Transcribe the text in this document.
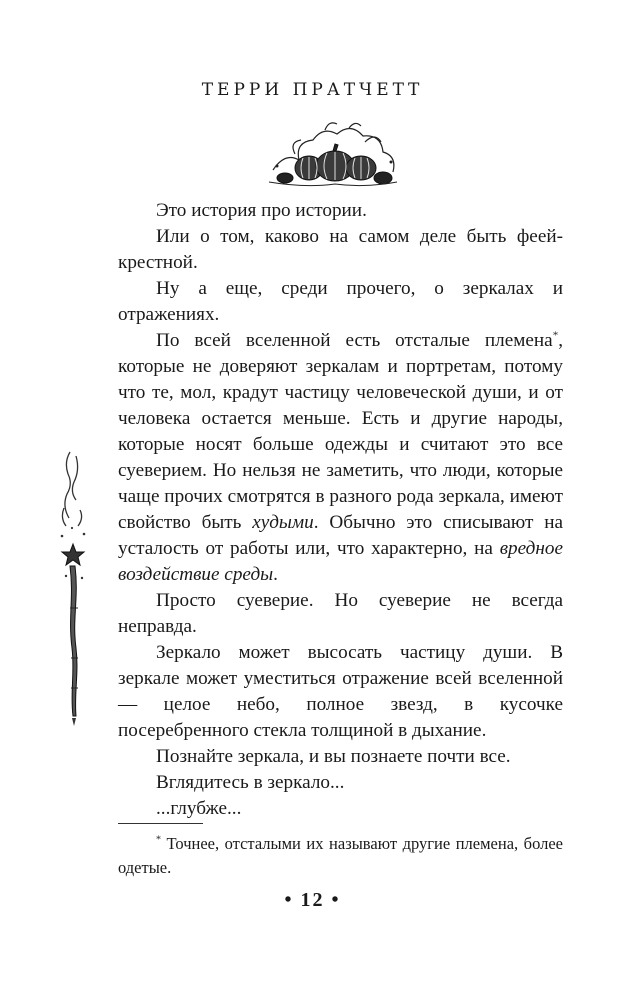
ТЕРРИ ПРАТЧЕТТ

Это история про истории.

Или о том, каково на самом деле быть феей-крестной.

Ну а еще, среди прочего, о зеркалах и отражениях.

По всей вселенной есть отсталые племена*, которые не доверяют зеркалам и портретам, потому что те, мол, крадут частицу человеческой души, и от человека остается меньше. Есть и другие народы, которые носят больше одежды и считают это все суеверием. Но нельзя не заметить, что люди, которые чаще прочих смотрятся в разного рода зеркала, имеют свойство быть худыми. Обычно это списывают на усталость от работы или, что характерно, на вредное воздействие среды.

Просто суеверие. Но суеверие не всегда неправда.

Зеркало может высосать частицу души. В зеркале может уместиться отражение всей вселенной — целое небо, полное звезд, в кусочке посеребренного стекла толщиной в дыхание.

Познайте зеркала, и вы познаете почти все.

Вглядитесь в зеркало...

...глубже...

* Точнее, отсталыми их называют другие племена, более одетые.
• 12 •
